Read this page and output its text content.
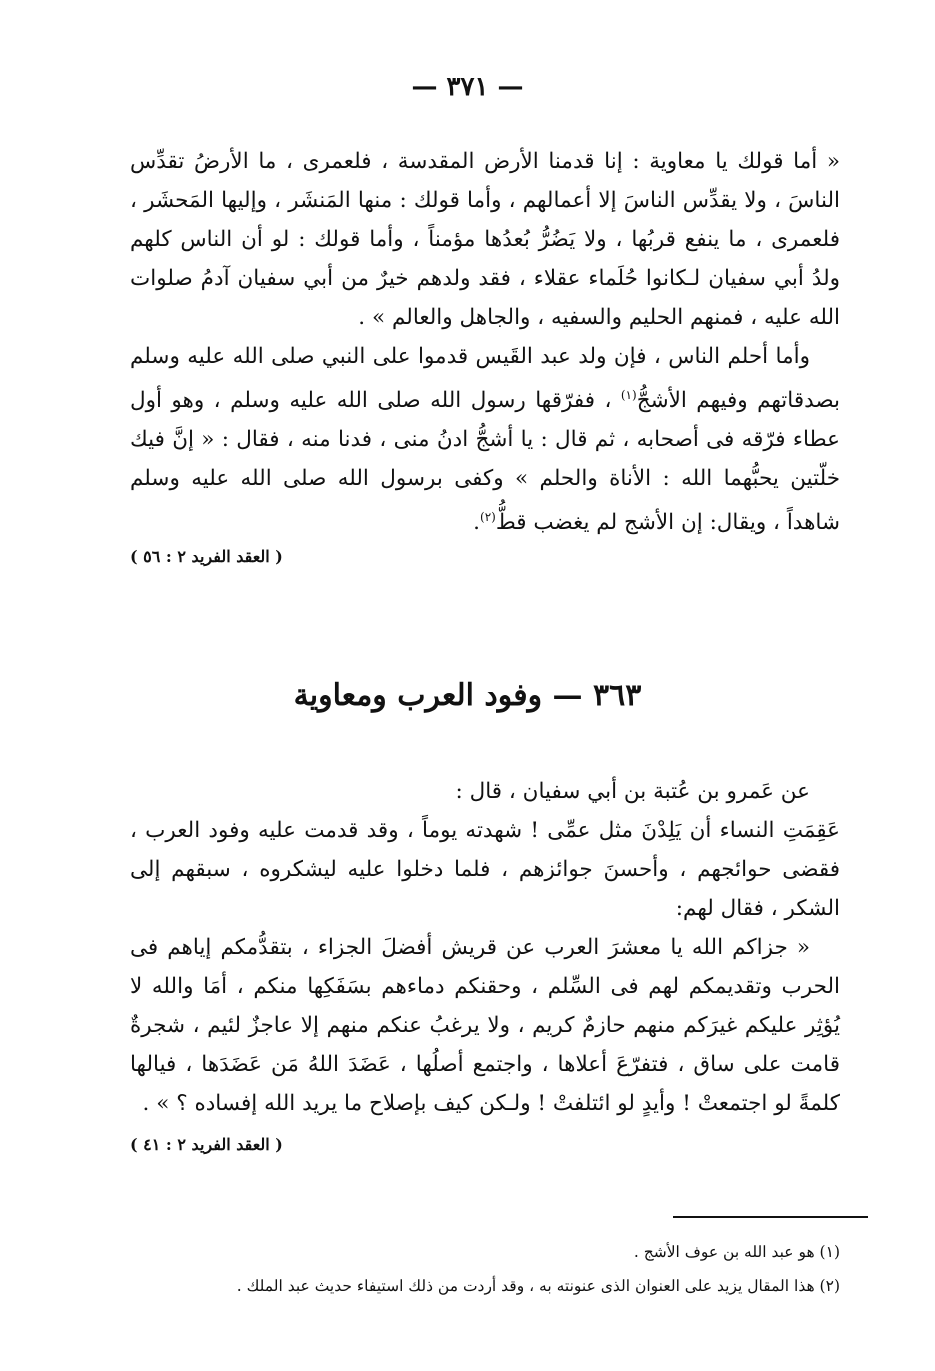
— ٣٧١ —

« أما قولك يا معاوية : إنا قدمنا الأرض المقدسة ، فلعمرى ، ما الأرضُ تقدِّس الناسَ ، ولا يقدِّس الناسَ إلا أعمالهم ، وأما قولك : منها المَنشَر ، وإليها المَحشَر ، فلعمرى ، ما ينفع قربُها ، ولا يَضُرُّ بُعدُها مؤمناً ، وأما قولك : لو أن الناس كلهم ولدُ أبي سفيان لـكانوا حُلَماء عقلاء ، فقد ولدهم خيرٌ من أبي سفيان آدمُ صلوات الله عليه ، فمنهم الحليم والسفيه ، والجاهل والعالم » .

وأما أحلم الناس ، فإن ولد عبد القَيس قدموا على النبي صلى الله عليه وسلم بصدقاتهم وفيهم الأشجُّ$^{(١)}$ ، ففرّقها رسول الله صلى الله عليه وسلم ، وهو أول عطاء فرّقه فى أصحابه ، ثم قال : يا أشجُّ ادنُ منى ، فدنا منه ، فقال : « إنَّ فيك خلّتين يحبُّهما الله : الأناة والحلم » وكفى برسول الله صلى الله عليه وسلم شاهداً ، ويقال: إن الأشج لم يغضب قطُّ$^{(٢)}$.

( العقد الفريد ٢ : ٥٦ )
٣٦٣ — وفود العرب ومعاوية

عن عَمرو بن عُتبة بن أبي سفيان ، قال :

عَقِمَتِ النساء أن يَلِدْنَ مثل عمِّى ! شهدته يوماً ، وقد قدمت عليه وفود العرب ، فقضى حوائجهم ، وأحسنَ جوائزهم ، فلما دخلوا عليه ليشكروه ، سبقهم إلى الشكر ، فقال لهم:

« جزاكم الله يا معشرَ العرب عن قريش أفضلَ الجزاء ، بتقدُّمكم إياهم فى الحرب وتقديمكم لهم فى السِّلم ، وحقنكم دماءهم بسَفَكِها منكم ، أمَا والله لا يُؤثِر عليكم غيرَكم منهم حازمٌ كريم ، ولا يرغبُ عنكم منهم إلا عاجزٌ لئيم ، شجرةٌ قامت على ساق ، فتفرّعَ أعلاها ، واجتمع أصلُها ، عَضَدَ اللهُ مَن عَضَدَها ، فيالها كلمةً لو اجتمعتْ ! وأيدٍ لو ائتلفتْ ! ولـكن كيف بإصلاح ما يريد الله إفساده ؟ » .
( العقد الفريد ٢ : ٤١ )

(١) هو عبد الله بن عوف الأشج .

(٢) هذا المقال يزيد على العنوان الذى عنونته به ، وقد أردت من ذلك استيفاء حديث عبد الملك .
